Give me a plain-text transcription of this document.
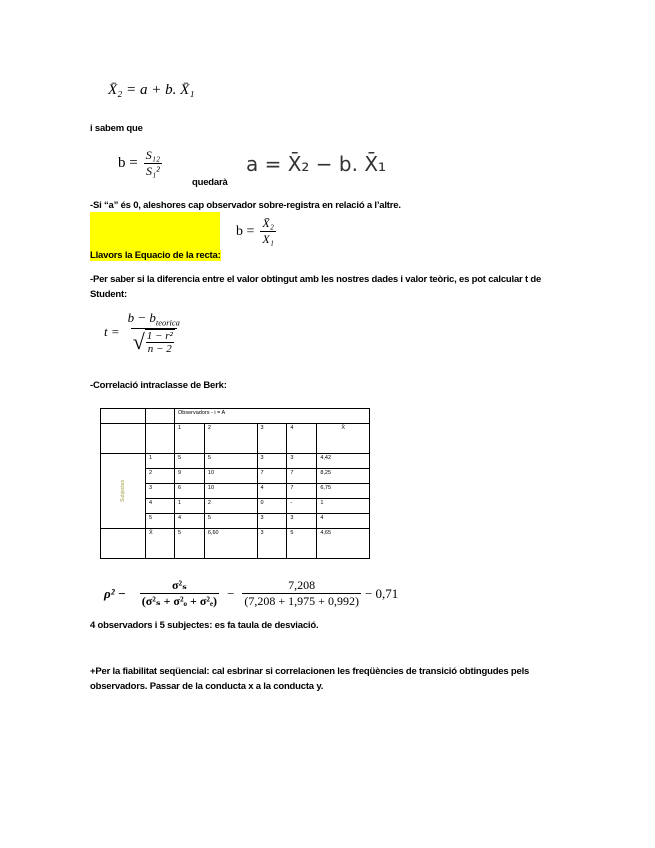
X̄₂ = a + b. X̄₁
i sabem que
$b = \frac{\text{S₁₂}}{\text{S₁²}}$
quedarà
a = X̄₂ − b. X̄₁
-Si “a” és 0, aleshores cap observador sobre-registra en relació a l’altre.
$b = \frac{\text{X̄₂}}{\text{X₁}}$
Llavors la Equacio de la recta:
-Per saber si la diferencia entre el valor obtingut amb les nostres dades i valor teòric, es pot calcular t de
Student:
$t = \frac{b - b_{teorica}}{√ \frac{\text{1 − r²}}{n - 2}}$
-Correlació intraclasse de Berk:
		Observadors - i = A				
		1	2	3	4	X̄
Subjectes	1	5	5	3	3	4,42
	2	9	10	7	7	8,25
	3	6	10	4	7	6,75
	4	1	2	0	-	1
	5	4	5	3	3	4
	X̄	5	6,60	3	5	4,65
$\rho^2 - \frac{\text{σ²ₛ}}{\text{(σ²ₛ + σ²ₒ + σ²ₑ)}} - \frac{7,208}{(7,208 + 1,975 + 0,992)} - 0,71$
4 observadors i 5 subjectes: es fa taula de desviació.
+Per la fiabilitat seqüencial: cal esbrinar si correlacionen les freqüències de transició obtingudes pels
observadors. Passar de la conducta x a la conducta y.
